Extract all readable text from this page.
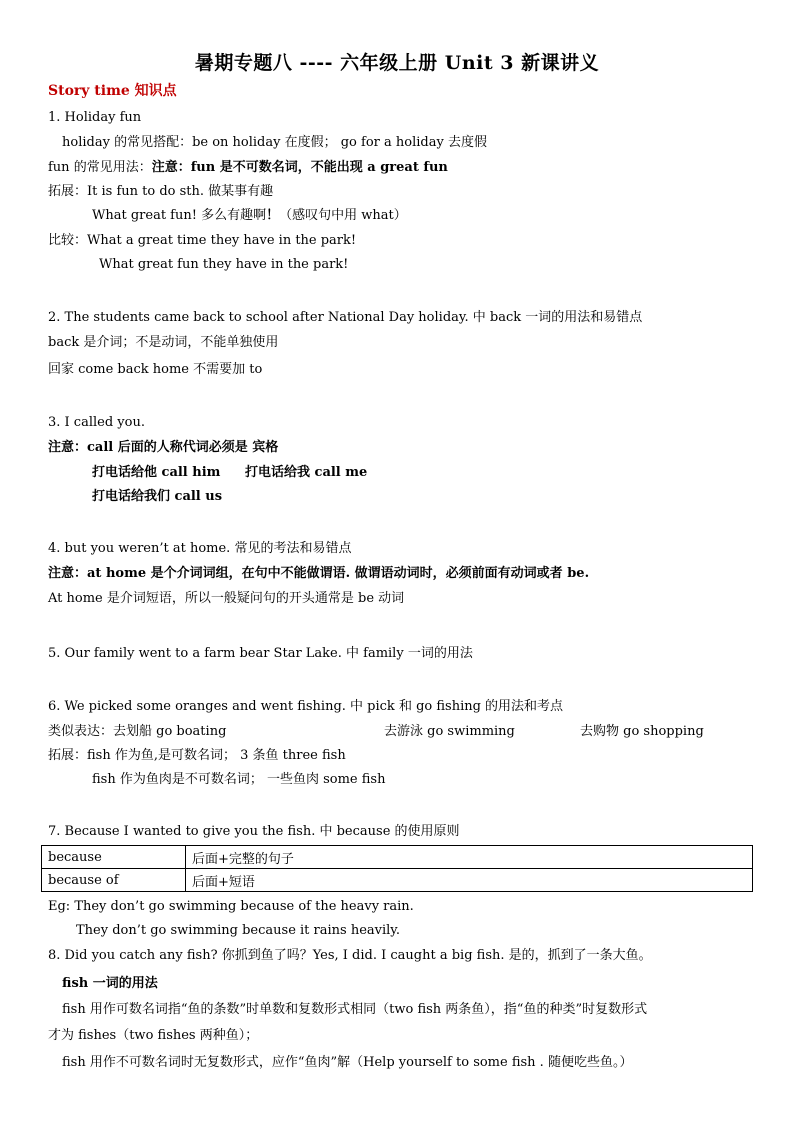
暑期专题八 ---- 六年级上册 Unit 3 新课讲义
Story time 知识点
1. Holiday fun
holiday 的常见搭配：be on holiday 在度假； go for a holiday 去度假
fun 的常见用法：注意：fun 是不可数名词，不能出现 a great fun
拓展：It is fun to do sth. 做某事有趣
What great fun! 多么有趣啊！（感叹句中用 what）
比较：What a great time they have in the park!
What great fun they have in the park!
2. The students came back to school after National Day holiday. 中 back 一词的用法和易错点
back 是介词；不是动词，不能单独使用
回家 come back home 不需要加 to
3. I called you.
注意：call 后面的人称代词必须是 宾格
打电话给他 call him 打电话给我 call me
打电话给我们 call us
4. but you weren’t at home. 常见的考法和易错点
注意：at home 是个介词词组，在句中不能做谓语. 做谓语动词时，必须前面有动词或者 be.
At home 是介词短语，所以一般疑问句的开头通常是 be 动词
5. Our family went to a farm bear Star Lake. 中 family 一词的用法
6. We picked some oranges and went fishing. 中 pick 和 go fishing 的用法和考点
类似表达：去划船 go boating	去游泳 go swimming	去购物 go shopping
拓展：fish 作为鱼,是可数名词； 3 条鱼 three fish
fish 作为鱼肉是不可数名词； 一些鱼肉 some fish
7. Because I wanted to give you the fish. 中 because 的使用原则
because	后面+完整的句子
because of	后面+短语
Eg: They don’t go swimming because of the heavy rain.
They don’t go swimming because it rains heavily.
8. Did you catch any fish? 你抓到鱼了吗？Yes, I did. I caught a big fish. 是的，抓到了一条大鱼。
fish 一词的用法
fish 用作可数名词指“鱼的条数”时单数和复数形式相同（two fish 两条鱼），指“鱼的种类”时复数形式
才为 fishes（two fishes 两种鱼）；
fish 用作不可数名词时无复数形式，应作“鱼肉”解（Help yourself to some fish . 随便吃些鱼。）
